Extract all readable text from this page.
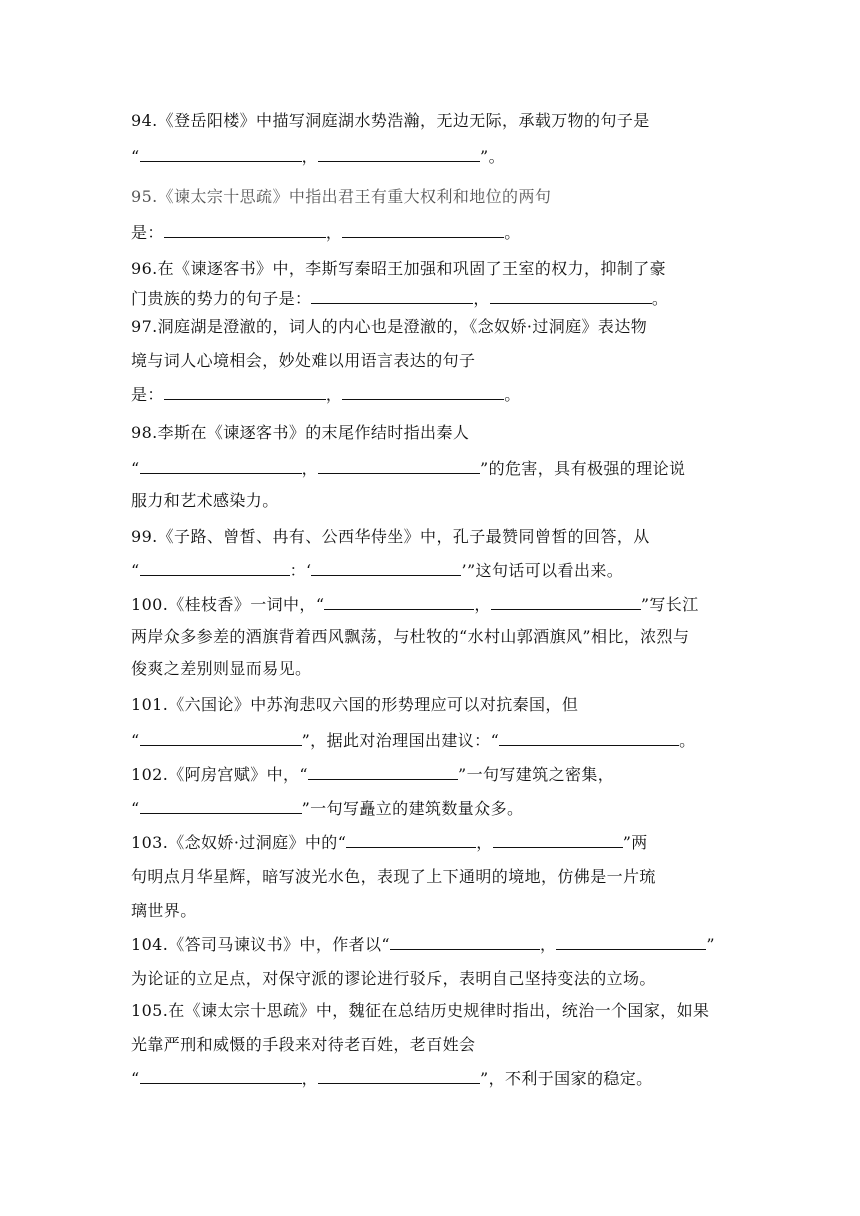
94.《登岳阳楼》中描写洞庭湖水势浩瀚，无边无际，承载万物的句子是
“	，	”。
95.《谏太宗十思疏》中指出君王有重大权利和地位的两句
是：	，	。
96.在《谏逐客书》中，李斯写秦昭王加强和巩固了王室的权力，抑制了豪
门贵族的势力的句子是：	，	。
97.洞庭湖是澄澈的，词人的内心也是澄澈的，《念奴娇·过洞庭》表达物
境与词人心境相会，妙处难以用语言表达的句子
是：	，	。
98.李斯在《谏逐客书》的末尾作结时指出秦人
“	，	”的危害，具有极强的理论说
服力和艺术感染力。
99.《子路、曾皙、冉有、公西华侍坐》中，孔子最赞同曾皙的回答，从
“	：‘	’”这句话可以看出来。
100.《桂枝香》一词中，“	，	”写长江
两岸众多参差的酒旗背着西风飘荡，与杜牧的“水村山郭酒旗风”相比，浓烈与
俊爽之差别则显而易见。
101.《六国论》中苏洵悲叹六国的形势理应可以对抗秦国，但
“	”，据此对治理国出建议：“	。
102.《阿房宫赋》中，“	”一句写建筑之密集，
“	”一句写矗立的建筑数量众多。
103.《念奴娇·过洞庭》中的“	，	”两
句明点月华星辉，暗写波光水色，表现了上下通明的境地，仿佛是一片琉
璃世界。
104.《答司马谏议书》中，作者以“	，	”
为论证的立足点，对保守派的谬论进行驳斥，表明自己坚持变法的立场。
105.在《谏太宗十思疏》中，魏征在总结历史规律时指出，统治一个国家，如果
光靠严刑和威慑的手段来对待老百姓，老百姓会
“	，	”，不利于国家的稳定。
